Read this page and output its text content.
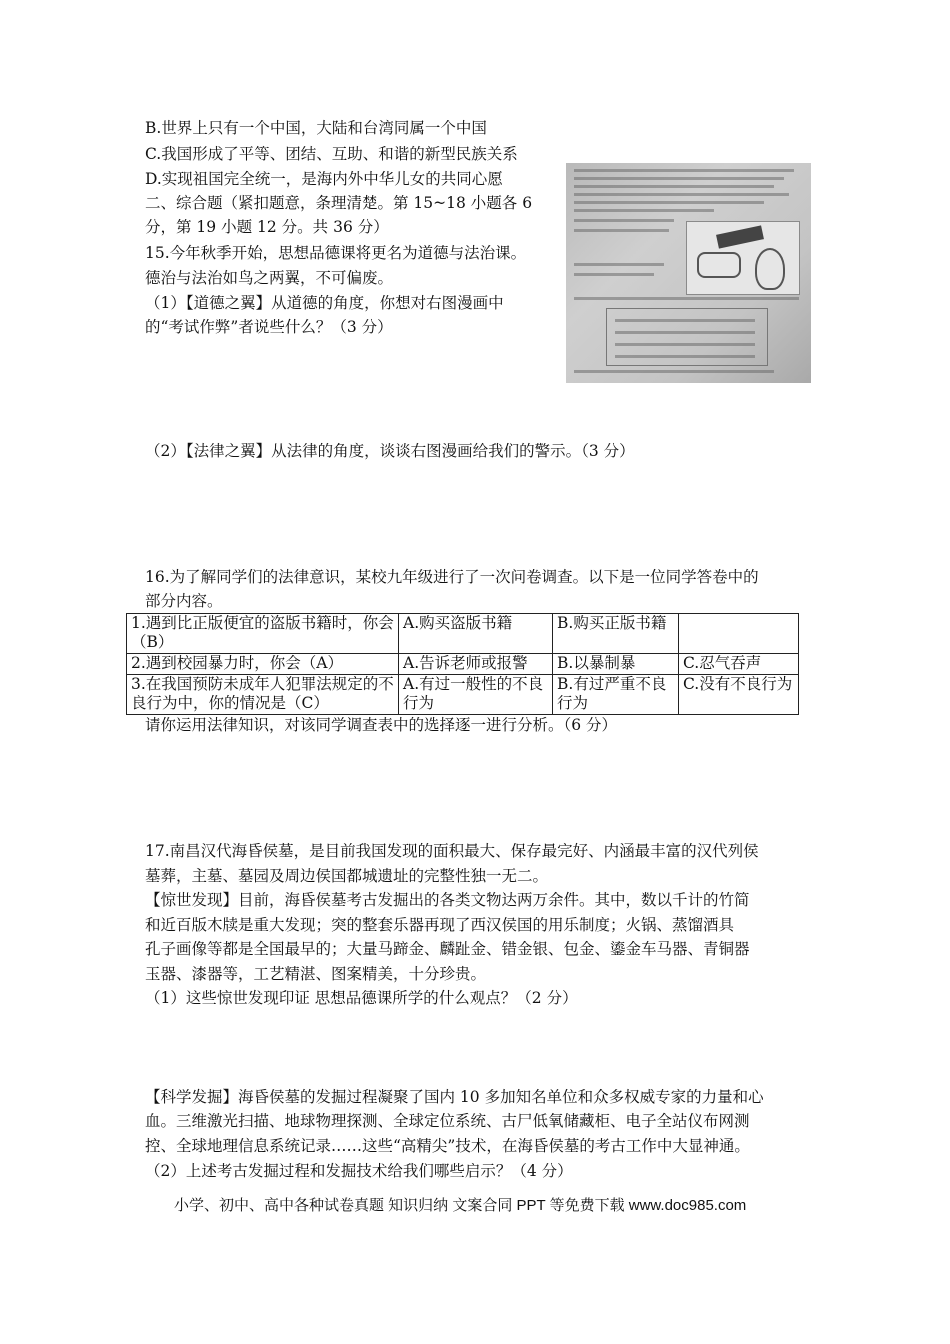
B.世界上只有一个中国，大陆和台湾同属一个中国
C.我国形成了平等、团结、互助、和谐的新型民族关系
D.实现祖国完全统一，是海内外中华儿女的共同心愿
二、综合题（紧扣题意，条理清楚。第 15~18 小题各 6
分，第 19 小题 12 分。共 36 分）
15.今年秋季开始，思想品德课将更名为道德与法治课。
德治与法治如鸟之两翼，不可偏废。
（1）【道德之翼】从道德的角度，你想对右图漫画中
的“考试作弊”者说些什么？（3 分）
（2）【法律之翼】从法律的角度，谈谈右图漫画给我们的警示。（3 分）
16.为了解同学们的法律意识，某校九年级进行了一次问卷调查。以下是一位同学答卷中的
部分内容。
1.遇到比正版便宜的盗版书籍时，你会（B）	A.购买盗版书籍	B.购买正版书籍	
2.遇到校园暴力时，你会（A）	A.告诉老师或报警	B.以暴制暴	C.忍气吞声
3.在我国预防未成年人犯罪法规定的不良行为中，你的情况是（C）	A.有过一般性的不良行为	B.有过严重不良行为	C.没有不良行为
请你运用法律知识，对该同学调查表中的选择逐一进行分析。（6 分）
17.南昌汉代海昏侯墓，是目前我国发现的面积最大、保存最完好、内涵最丰富的汉代列侯
墓葬，主墓、墓园及周边侯国都城遗址的完整性独一无二。
【惊世发现】目前，海昏侯墓考古发掘出的各类文物达两万余件。其中，数以千计的竹简
和近百版木牍是重大发现；突的整套乐器再现了西汉侯国的用乐制度；火锅、蒸馏酒具
孔子画像等都是全国最早的；大量马蹄金、麟趾金、错金银、包金、鎏金车马器、青铜器
玉器、漆器等，工艺精湛、图案精美，十分珍贵。
（1）这些惊世发现印证 思想品德课所学的什么观点？（2 分）
【科学发掘】海昏侯墓的发掘过程凝聚了国内 10 多加知名单位和众多权威专家的力量和心
血。三维激光扫描、地球物理探测、全球定位系统、古尸低氧储藏柜、电子全站仪布网测
控、全球地理信息系统记录……这些“高精尖”技术，在海昏侯墓的考古工作中大显神通。
（2）上述考古发掘过程和发掘技术给我们哪些启示？（4 分）
小学、初中、高中各种试卷真题 知识归纳 文案合同 PPT 等免费下载 www.doc985.com
